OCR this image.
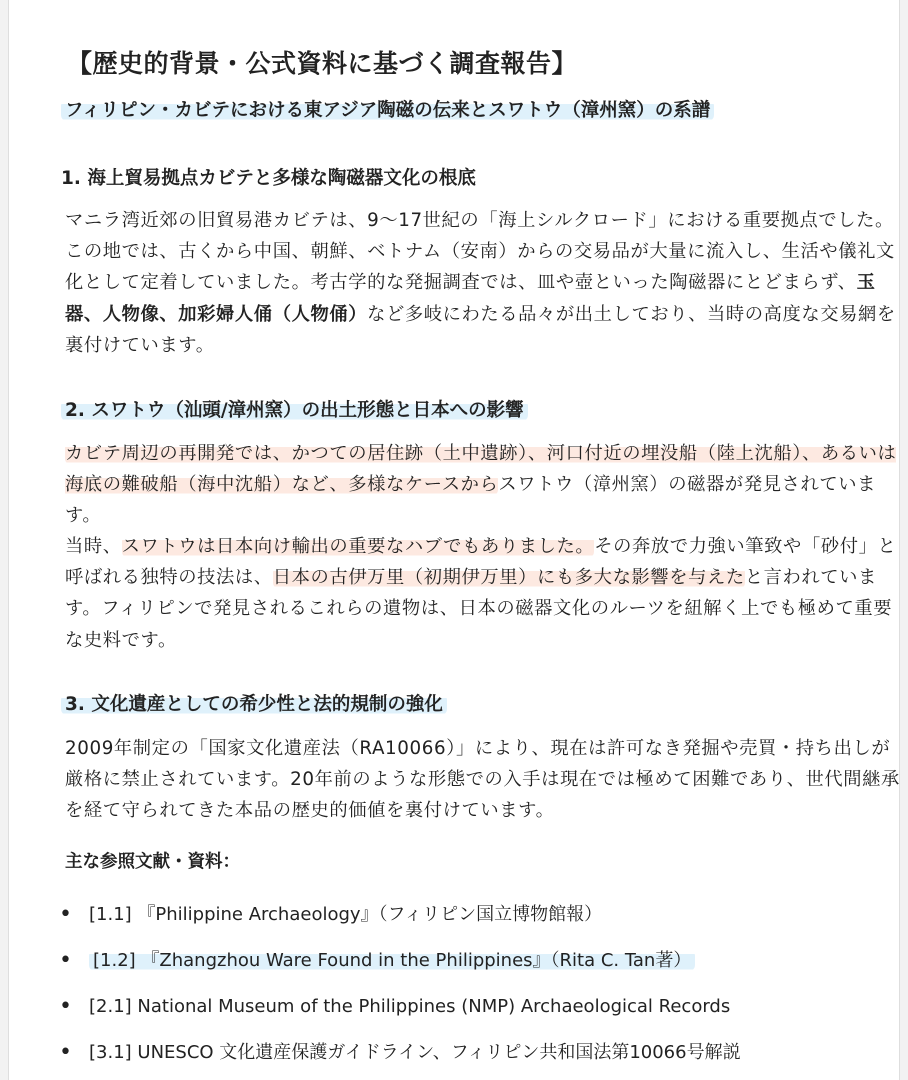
【歴史的背景・公式資料に基づく調査報告】
フィリピン・カビテにおける東アジア陶磁の伝来とスワトウ（漳州窯）の系譜
1. 海上貿易拠点カビテと多様な陶磁器文化の根底

マニラ湾近郊の旧貿易港カビテは、9〜17世紀の「海上シルクロード」における重要拠点でした。この地では、古くから中国、朝鮮、ベトナム（安南）からの交易品が大量に流入し、生活や儀礼文化として定着していました。考古学的な発掘調査では、皿や壺といった陶磁器にとどまらず、玉器、人物像、加彩婦人俑（人物俑）など多岐にわたる品々が出土しており、当時の高度な交易網を裏付けています。

2. スワトウ（汕頭/漳州窯）の出土形態と日本への影響

カビテ周辺の再開発では、かつての居住跡（土中遺跡）、河口付近の埋没船（陸上沈船）、あるいは海底の難破船（海中沈船）など、多様なケースからスワトウ（漳州窯）の磁器が発見されています。

当時、スワトウは日本向け輸出の重要なハブでもありました。その奔放で力強い筆致や「砂付」と呼ばれる独特の技法は、日本の古伊万里（初期伊万里）にも多大な影響を与えたと言われています。フィリピンで発見されるこれらの遺物は、日本の磁器文化のルーツを紐解く上でも極めて重要な史料です。

3. 文化遺産としての希少性と法的規制の強化

2009年制定の「国家文化遺産法（RA10066）」により、現在は許可なき発掘や売買・持ち出しが厳格に禁止されています。20年前のような形態での入手は現在では極めて困難であり、世代間継承を経て守られてきた本品の歴史的価値を裏付けています。

主な参照文献・資料：
• [1.1] 『Philippine Archaeology』（フィリピン国立博物館報）
• [1.2] 『Zhangzhou Ware Found in the Philippines』（Rita C. Tan著）
• [2.1] National Museum of the Philippines (NMP) Archaeological Records
• [3.1] UNESCO 文化遺産保護ガイドライン、フィリピン共和国法第10066号解説
